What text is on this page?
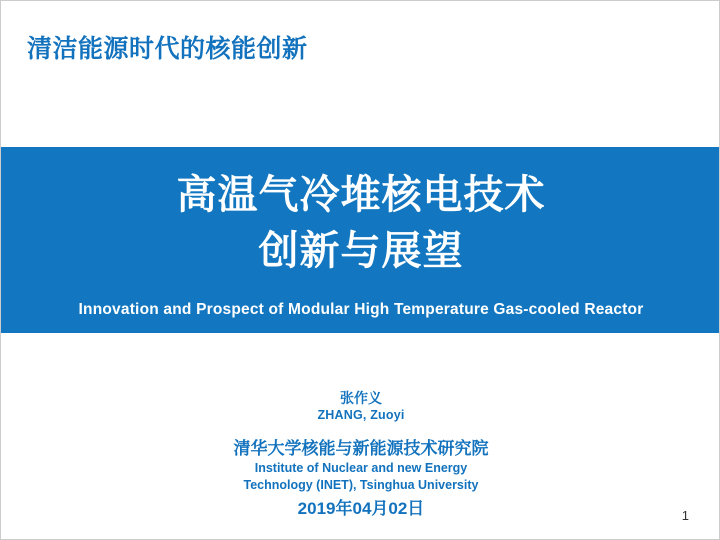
清洁能源时代的核能创新
高温气冷堆核电技术
创新与展望
Innovation and Prospect of Modular High Temperature Gas-cooled Reactor
张作义
ZHANG, Zuoyi
清华大学核能与新能源技术研究院
Institute of Nuclear and new Energy
Technology (INET), Tsinghua University
2019年04月02日	1
